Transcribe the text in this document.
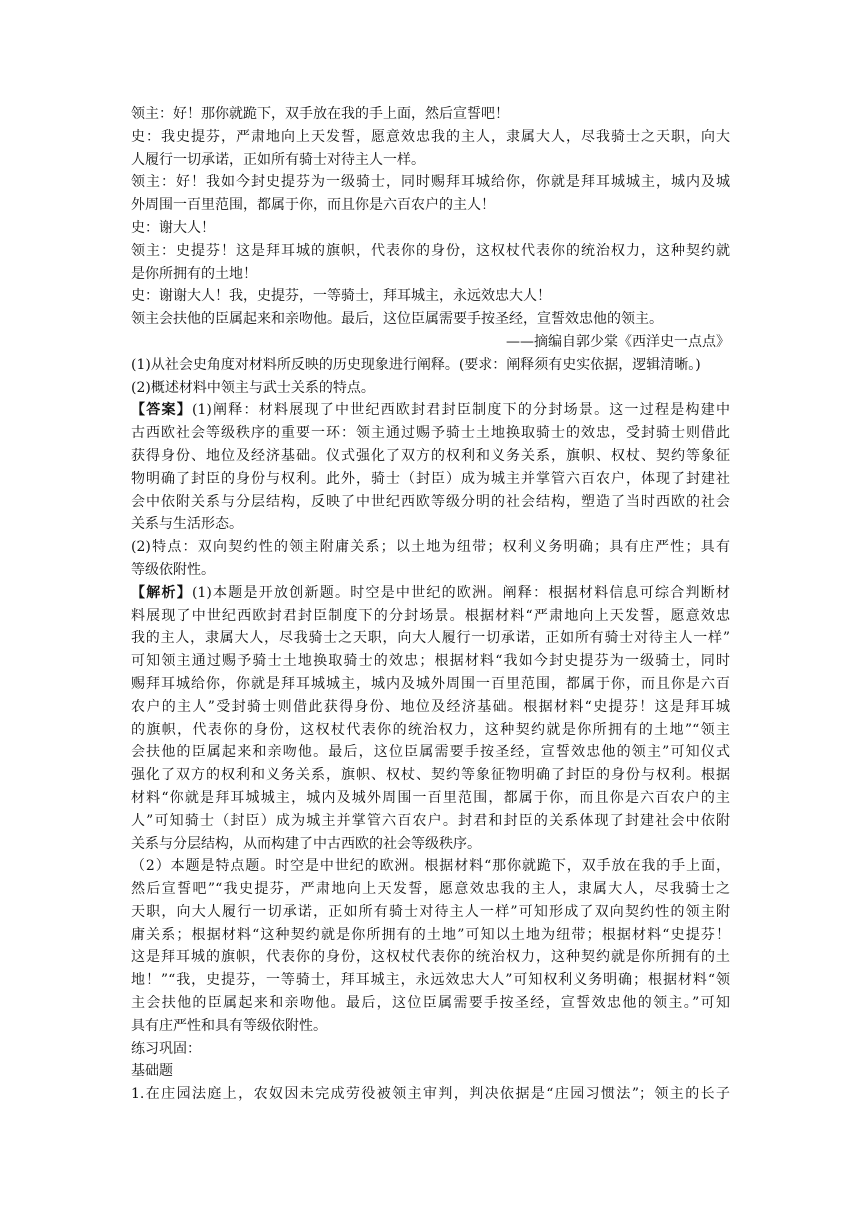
领主：好！那你就跪下，双手放在我的手上面，然后宣誓吧！
史：我史提芬，严肃地向上天发誓，愿意效忠我的主人，隶属大人，尽我骑士之天职，向大
人履行一切承诺，正如所有骑士对待主人一样。
领主：好！我如今封史提芬为一级骑士，同时赐拜耳城给你，你就是拜耳城城主，城内及城
外周围一百里范围，都属于你，而且你是六百农户的主人！
史：谢大人！
领主：史提芬！这是拜耳城的旗帜，代表你的身份，这权杖代表你的统治权力，这种契约就
是你所拥有的土地！
史：谢谢大人！我，史提芬，一等骑士，拜耳城主，永远效忠大人！
领主会扶他的臣属起来和亲吻他。最后，这位臣属需要手按圣经，宣誓效忠他的领主。
——摘编自郭少棠《西洋史一点点》
(1)从社会史角度对材料所反映的历史现象进行阐释。(要求：阐释须有史实依据，逻辑清晰。)
(2)概述材料中领主与武士关系的特点。
【答案】(1)阐释：材料展现了中世纪西欧封君封臣制度下的分封场景。这一过程是构建中
古西欧社会等级秩序的重要一环：领主通过赐予骑士土地换取骑士的效忠，受封骑士则借此
获得身份、地位及经济基础。仪式强化了双方的权利和义务关系，旗帜、权杖、契约等象征
物明确了封臣的身份与权利。此外，骑士（封臣）成为城主并掌管六百农户，体现了封建社
会中依附关系与分层结构，反映了中世纪西欧等级分明的社会结构，塑造了当时西欧的社会
关系与生活形态。
(2)特点：双向契约性的领主附庸关系；以土地为纽带；权利义务明确；具有庄严性；具有
等级依附性。
【解析】(1)本题是开放创新题。时空是中世纪的欧洲。阐释：根据材料信息可综合判断材
料展现了中世纪西欧封君封臣制度下的分封场景。根据材料“严肃地向上天发誓，愿意效忠
我的主人，隶属大人，尽我骑士之天职，向大人履行一切承诺，正如所有骑士对待主人一样”
可知领主通过赐予骑士土地换取骑士的效忠；根据材料“我如今封史提芬为一级骑士，同时
赐拜耳城给你，你就是拜耳城城主，城内及城外周围一百里范围，都属于你，而且你是六百
农户的主人”受封骑士则借此获得身份、地位及经济基础。根据材料“史提芬！这是拜耳城
的旗帜，代表你的身份，这权杖代表你的统治权力，这种契约就是你所拥有的土地”“领主
会扶他的臣属起来和亲吻他。最后，这位臣属需要手按圣经，宣誓效忠他的领主”可知仪式
强化了双方的权利和义务关系，旗帜、权杖、契约等象征物明确了封臣的身份与权利。根据
材料“你就是拜耳城城主，城内及城外周围一百里范围，都属于你，而且你是六百农户的主
人”可知骑士（封臣）成为城主并掌管六百农户。封君和封臣的关系体现了封建社会中依附
关系与分层结构，从而构建了中古西欧的社会等级秩序。
（2）本题是特点题。时空是中世纪的欧洲。根据材料“那你就跪下，双手放在我的手上面，
然后宣誓吧”“我史提芬，严肃地向上天发誓，愿意效忠我的主人，隶属大人，尽我骑士之
天职，向大人履行一切承诺，正如所有骑士对待主人一样”可知形成了双向契约性的领主附
庸关系；根据材料“这种契约就是你所拥有的土地”可知以土地为纽带；根据材料“史提芬！
这是拜耳城的旗帜，代表你的身份，这权杖代表你的统治权力，这种契约就是你所拥有的土
地！”“我，史提芬，一等骑士，拜耳城主，永远效忠大人”可知权利义务明确；根据材料“领
主会扶他的臣属起来和亲吻他。最后，这位臣属需要手按圣经，宣誓效忠他的领主。”可知
具有庄严性和具有等级依附性。
练习巩固：
基础题
1.在庄园法庭上，农奴因未完成劳役被领主审判，判决依据是“庄园习惯法”；领主的长子
